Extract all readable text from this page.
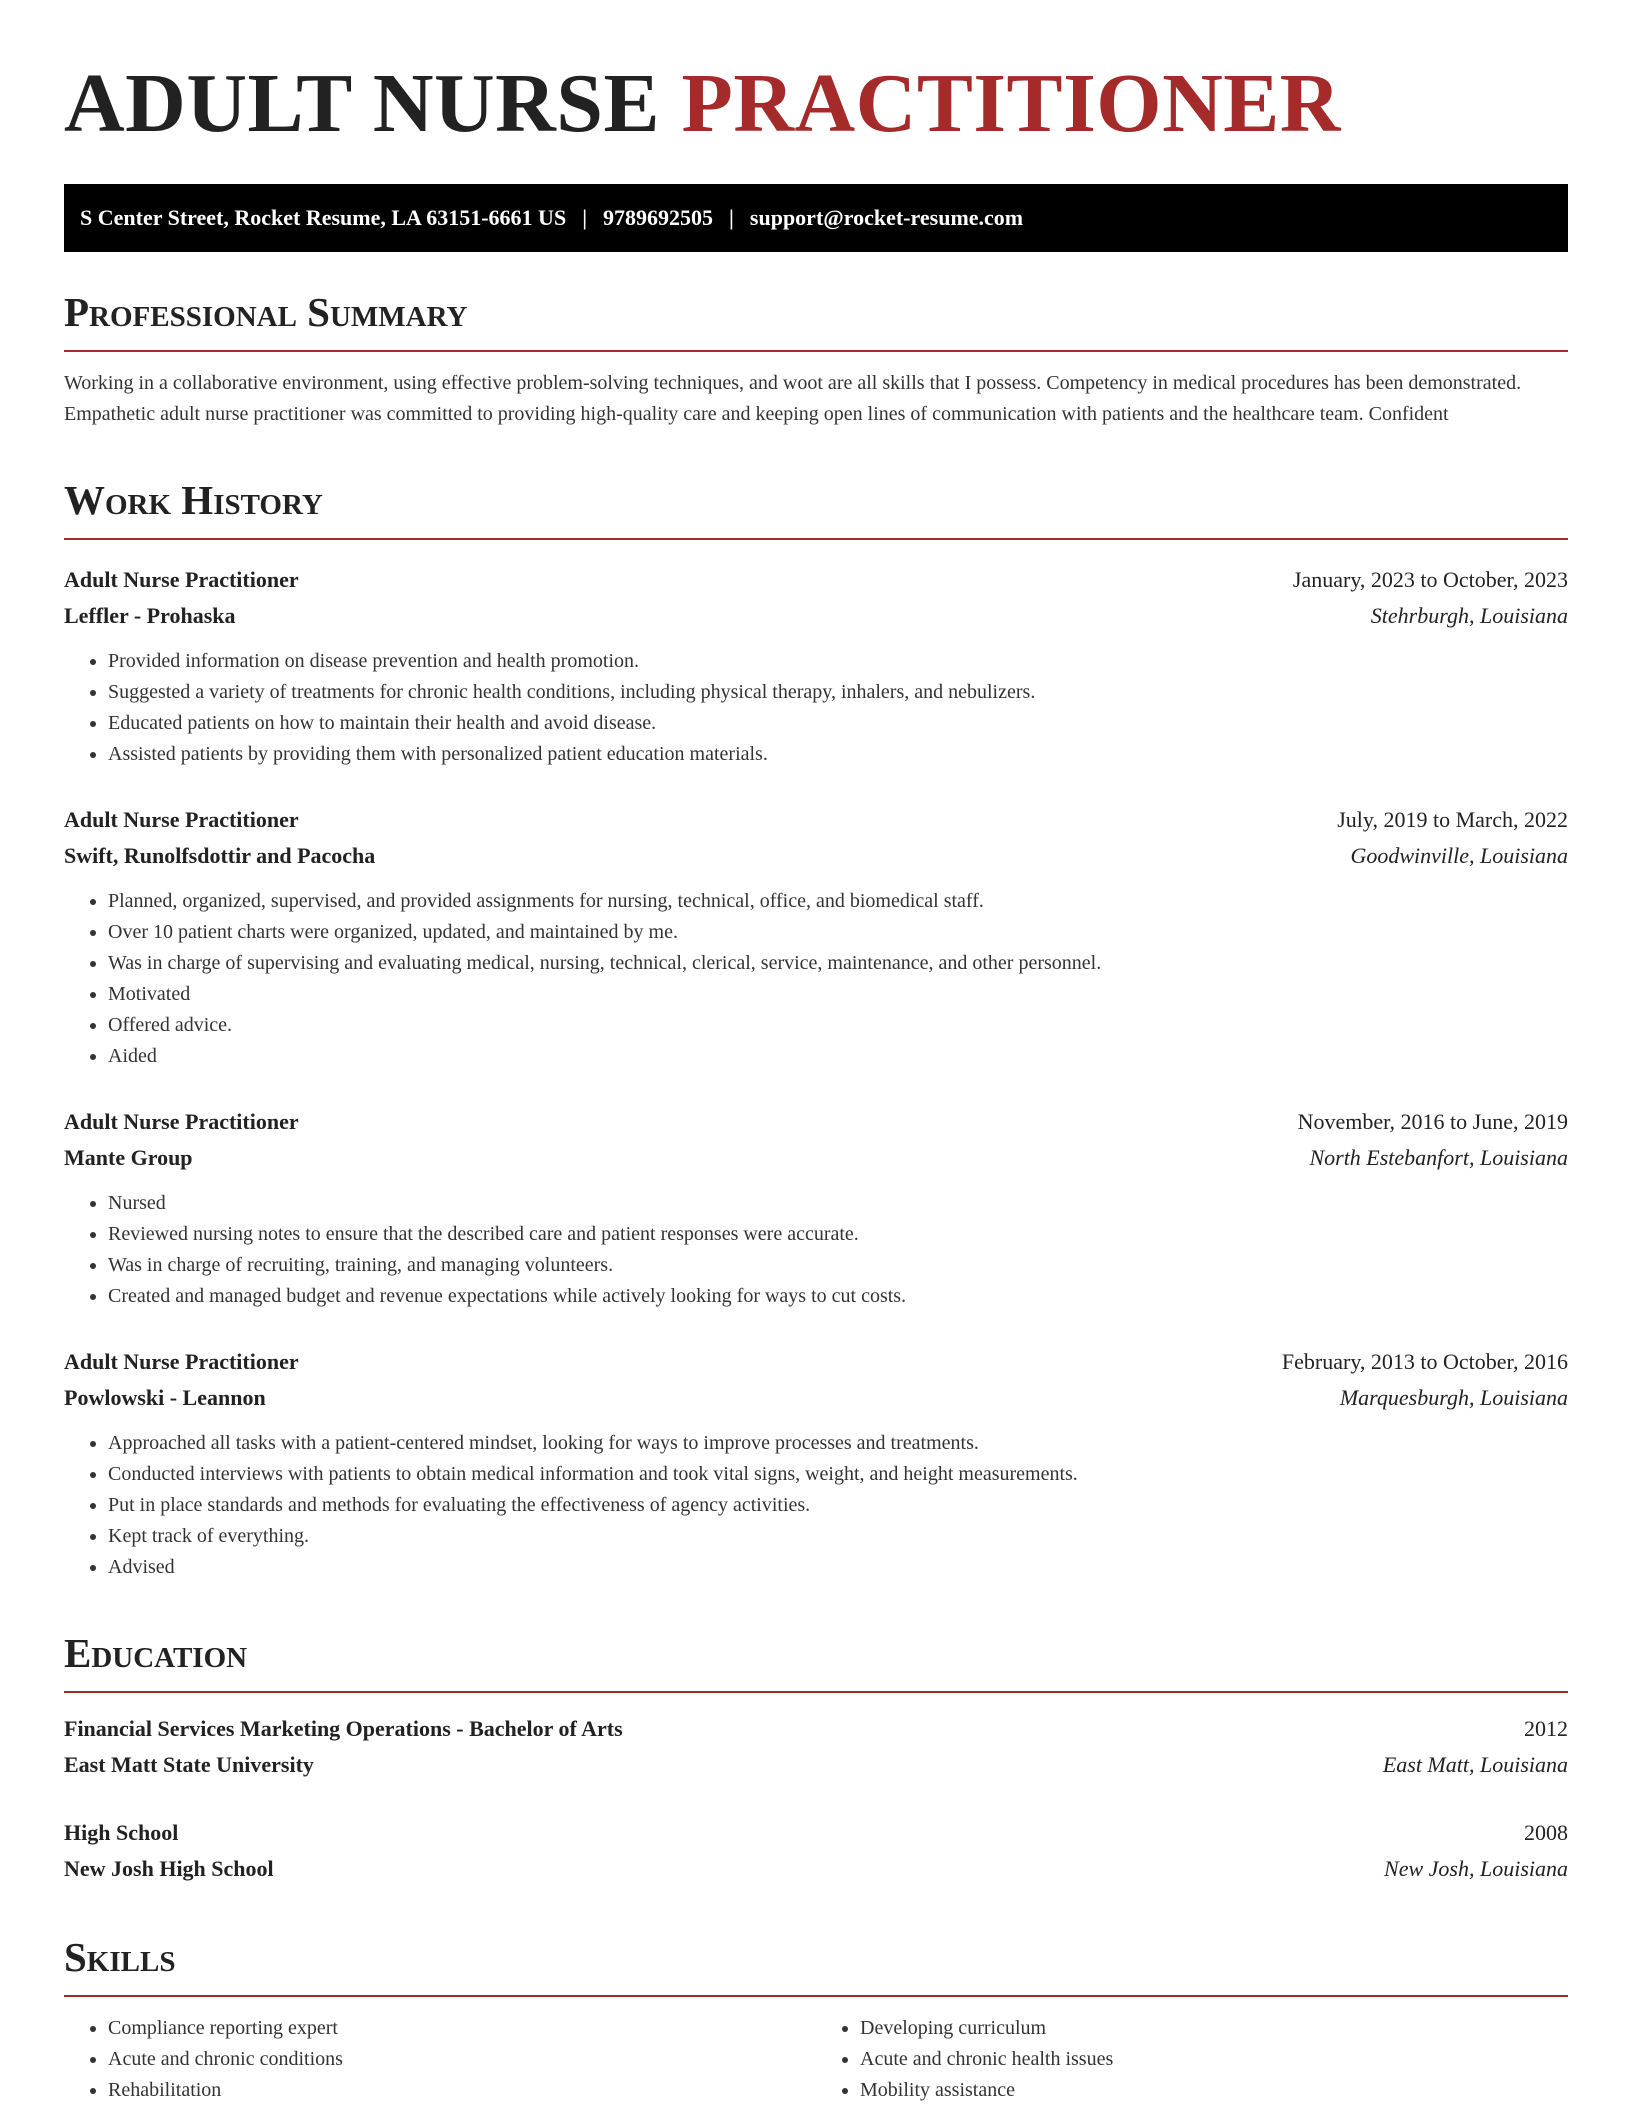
ADULT NURSE PRACTITIONER
S Center Street, Rocket Resume, LA 63151-6661 US | 9789692505 | support@rocket-resume.com
Professional Summary
Working in a collaborative environment, using effective problem-solving techniques, and woot are all skills that I possess. Competency in medical procedures has been demonstrated. Empathetic adult nurse practitioner was committed to providing high-quality care and keeping open lines of communication with patients and the healthcare team. Confident
Work History
Adult Nurse Practitioner	January, 2023 to October, 2023
Leffler - Prohaska	Stehrburgh, Louisiana
• Provided information on disease prevention and health promotion.
• Suggested a variety of treatments for chronic health conditions, including physical therapy, inhalers, and nebulizers.
• Educated patients on how to maintain their health and avoid disease.
• Assisted patients by providing them with personalized patient education materials.
Adult Nurse Practitioner	July, 2019 to March, 2022
Swift, Runolfsdottir and Pacocha	Goodwinville, Louisiana
• Planned, organized, supervised, and provided assignments for nursing, technical, office, and biomedical staff.
• Over 10 patient charts were organized, updated, and maintained by me.
• Was in charge of supervising and evaluating medical, nursing, technical, clerical, service, maintenance, and other personnel.
• Motivated
• Offered advice.
• Aided
Adult Nurse Practitioner	November, 2016 to June, 2019
Mante Group	North Estebanfort, Louisiana
• Nursed
• Reviewed nursing notes to ensure that the described care and patient responses were accurate.
• Was in charge of recruiting, training, and managing volunteers.
• Created and managed budget and revenue expectations while actively looking for ways to cut costs.
Adult Nurse Practitioner	February, 2013 to October, 2016
Powlowski - Leannon	Marquesburgh, Louisiana
• Approached all tasks with a patient-centered mindset, looking for ways to improve processes and treatments.
• Conducted interviews with patients to obtain medical information and took vital signs, weight, and height measurements.
• Put in place standards and methods for evaluating the effectiveness of agency activities.
• Kept track of everything.
• Advised
Education
Financial Services Marketing Operations - Bachelor of Arts	2012
East Matt State University	East Matt, Louisiana
High School	2008
New Josh High School	New Josh, Louisiana
Skills
• Compliance reporting expert
• Acute and chronic conditions
• Rehabilitation
• Developing curriculum
• Acute and chronic health issues
• Mobility assistance
